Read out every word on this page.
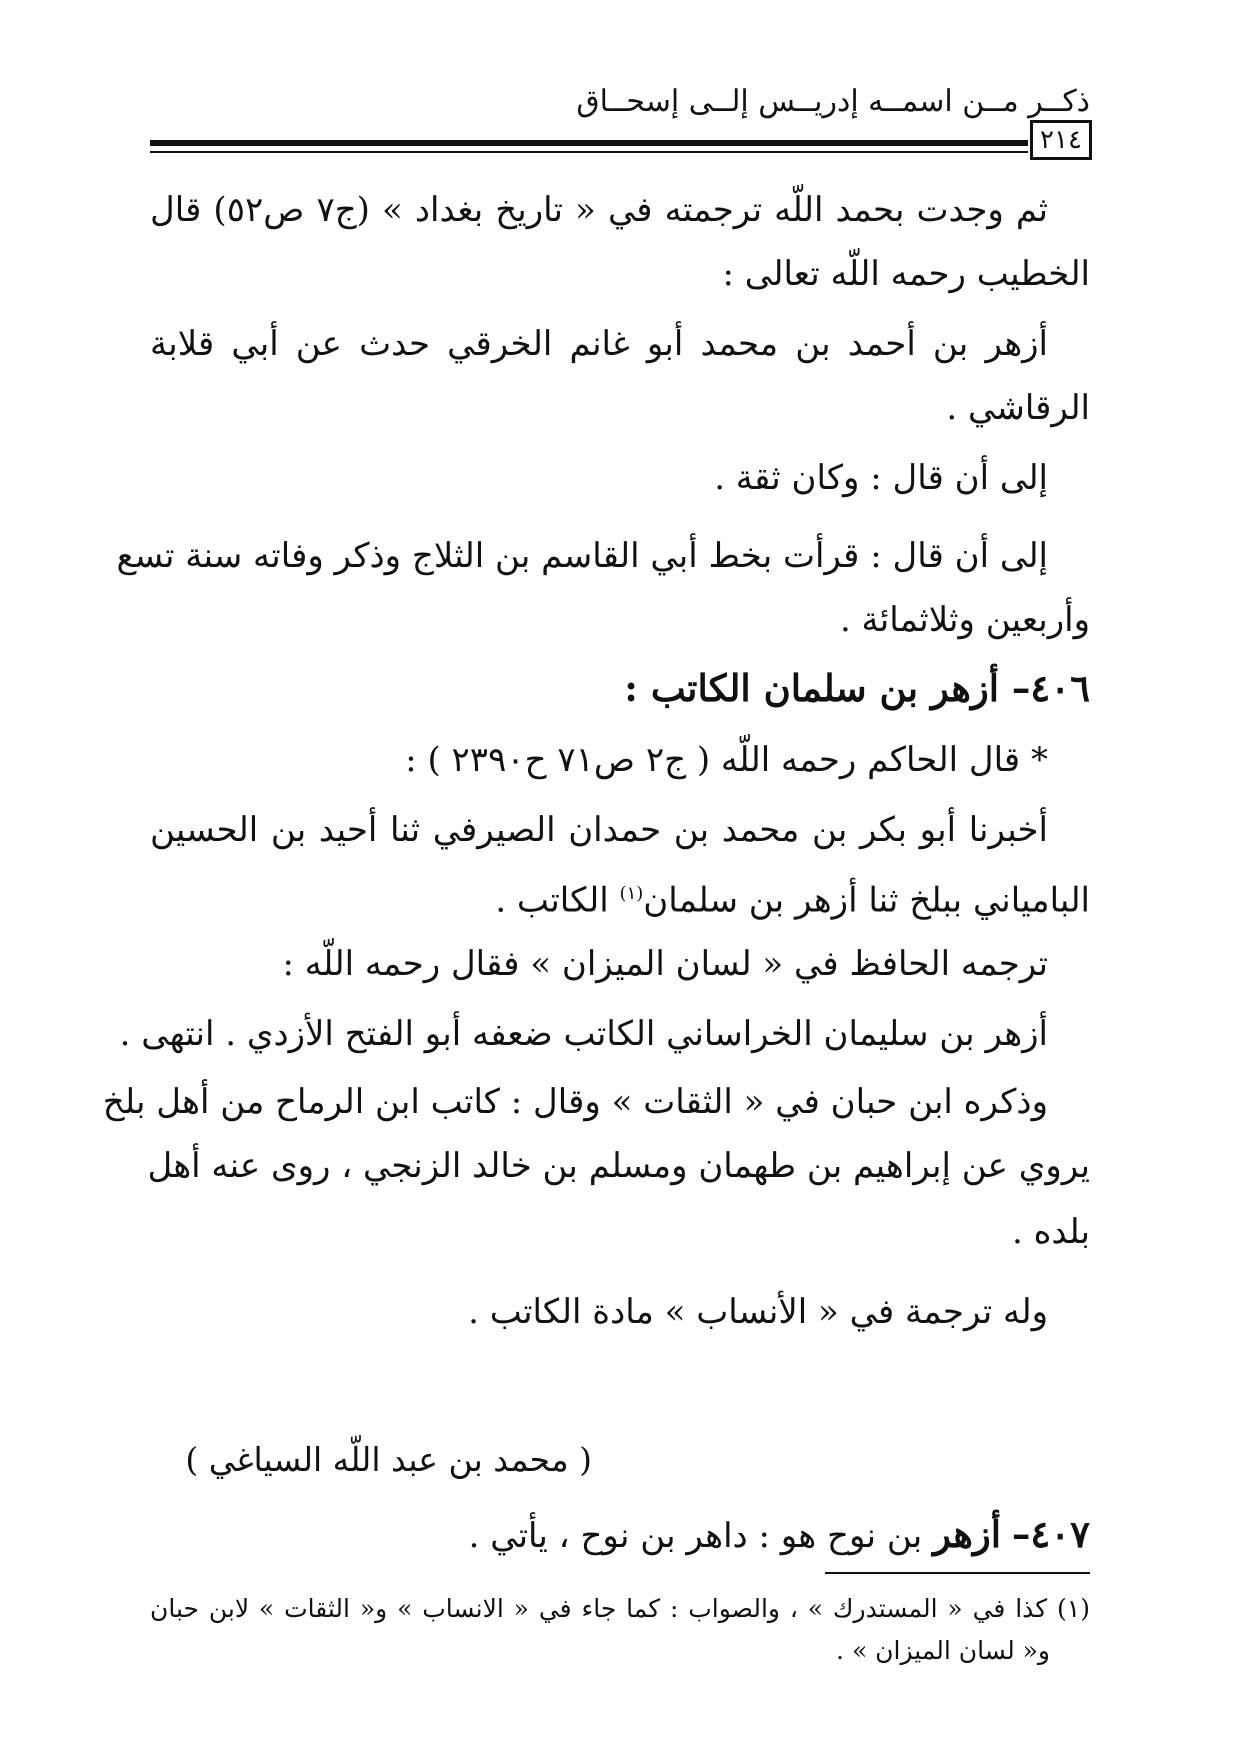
ذكــر مــن اسمــه إدريــس إلــى إسحــاق
٢١٤
ثم وجدت بحمد اللّه ترجمته في « تاريخ بغداد » (ج٧ ص٥٢) قال
الخطيب رحمه اللّه تعالى :
أزهر بن أحمد بن محمد أبو غانم الخرقي حدث عن أبي قلابة
الرقاشي .
إلى أن قال : وكان ثقة .
إلى أن قال : قرأت بخط أبي القاسم بن الثلاج وذكر وفاته سنة تسع
وأربعين وثلاثمائة .
٤٠٦– أزهر بن سلمان الكاتب :
* قال الحاكم رحمه اللّه ( ج٢ ص٧١ ح٢٣٩٠ ) :
أخبرنا أبو بكر بن محمد بن حمدان الصيرفي ثنا أحيد بن الحسين
البامياني ببلخ ثنا أزهر بن سلمان$^{(١)}$ الكاتب .
ترجمه الحافظ في « لسان الميزان » فقال رحمه اللّه :
أزهر بن سليمان الخراساني الكاتب ضعفه أبو الفتح الأزدي . انتهى .
وذكره ابن حبان في « الثقات » وقال : كاتب ابن الرماح من أهل بلخ
يروي عن إبراهيم بن طهمان ومسلم بن خالد الزنجي ، روى عنه أهل
بلده .
وله ترجمة في « الأنساب » مادة الكاتب .
( محمد بن عبد اللّه السياغي )
٤٠٧– أزهر بن نوح هو : داهر بن نوح ، يأتي .
(١) كذا في « المستدرك » ، والصواب : كما جاء في « الانساب » و« الثقات » لابن حبان
و« لسان الميزان » .
